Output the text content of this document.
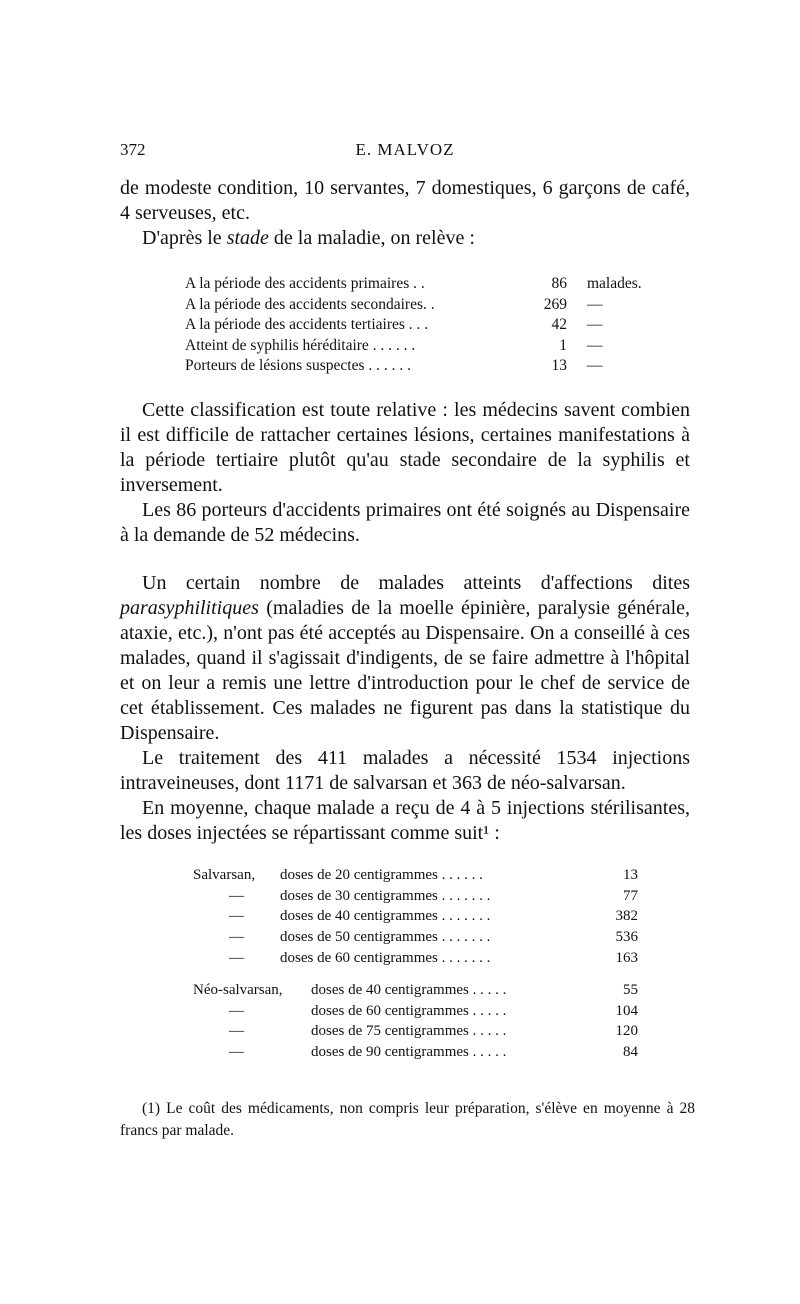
372	E. MALVOZ

de modeste condition, 10 servantes, 7 domestiques, 6 garçons de café, 4 serveuses, etc.

D'après le stade de la maladie, on relève :

A la période des accidents primaires . .	86	malades.
A la période des accidents secondaires. .	269	—
A la période des accidents tertiaires . . .	42	—
Atteint de syphilis héréditaire . . . . . .	1	—
Porteurs de lésions suspectes . . . . . .	13	—

Cette classification est toute relative : les médecins savent combien il est difficile de rattacher certaines lésions, certaines manifestations à la période tertiaire plutôt qu'au stade secondaire de la syphilis et inversement.

Les 86 porteurs d'accidents primaires ont été soignés au Dispensaire à la demande de 52 médecins.

Un certain nombre de malades atteints d'affections dites parasyphilitiques (maladies de la moelle épinière, paralysie générale, ataxie, etc.), n'ont pas été acceptés au Dispensaire. On a conseillé à ces malades, quand il s'agissait d'indigents, de se faire admettre à l'hôpital et on leur a remis une lettre d'introduction pour le chef de service de cet établissement. Ces malades ne figurent pas dans la statistique du Dispensaire.

Le traitement des 411 malades a nécessité 1534 injections intraveineuses, dont 1171 de salvarsan et 363 de néo-salvarsan.

En moyenne, chaque malade a reçu de 4 à 5 injections stérilisantes, les doses injectées se répartissant comme suit¹ :

Salvarsan,	doses de 20 centigrammes . . . . . .	13
—	doses de 30 centigrammes . . . . . . .	77
—	doses de 40 centigrammes . . . . . . .	382
—	doses de 50 centigrammes . . . . . . .	536
—	doses de 60 centigrammes . . . . . . .	163
Néo-salvarsan,	doses de 40 centigrammes . . . . .	55
—	doses de 60 centigrammes . . . . .	104
—	doses de 75 centigrammes . . . . .	120
—	doses de 90 centigrammes . . . . .	84

(1) Le coût des médicaments, non compris leur préparation, s'élève en moyenne à 28 francs par malade.
